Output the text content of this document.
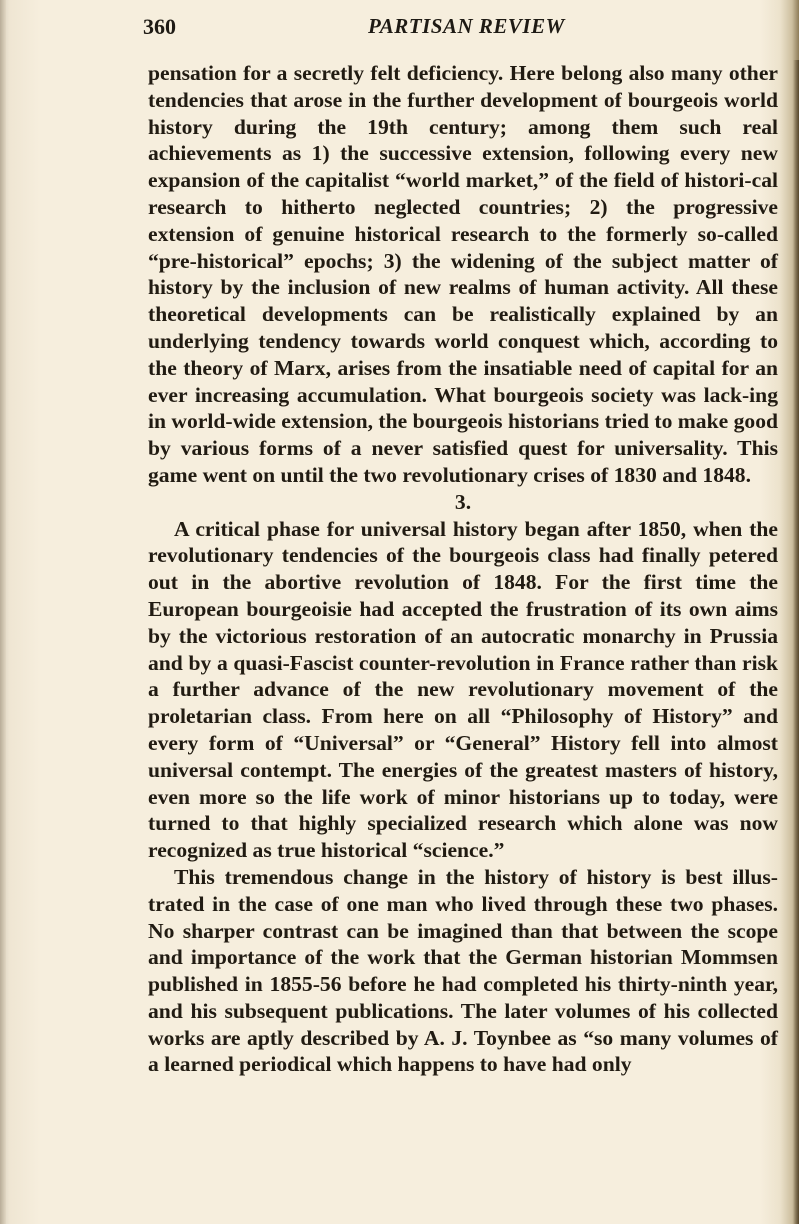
360	PARTISAN REVIEW

pensation for a secretly felt deficiency. Here belong also many other tendencies that arose in the further development of bourgeois world history during the 19th century; among them such real achievements as 1) the successive extension, following every new expansion of the capitalist “world market,” of the field of histori-cal research to hitherto neglected countries; 2) the progressive extension of genuine historical research to the formerly so-called “pre-historical” epochs; 3) the widening of the subject matter of history by the inclusion of new realms of human activity. All these theoretical developments can be realistically explained by an underlying tendency towards world conquest which, according to the theory of Marx, arises from the insatiable need of capital for an ever increasing accumulation. What bourgeois society was lack-ing in world-wide extension, the bourgeois historians tried to make good by various forms of a never satisfied quest for universality. This game went on until the two revolutionary crises of 1830 and 1848.

3.

A critical phase for universal history began after 1850, when the revolutionary tendencies of the bourgeois class had finally petered out in the abortive revolution of 1848. For the first time the European bourgeoisie had accepted the frustration of its own aims by the victorious restoration of an autocratic monarchy in Prussia and by a quasi-Fascist counter-revolution in France rather than risk a further advance of the new revolutionary movement of the proletarian class. From here on all “Philosophy of History” and every form of “Universal” or “General” History fell into almost universal contempt. The energies of the greatest masters of history, even more so the life work of minor historians up to today, were turned to that highly specialized research which alone was now recognized as true historical “science.”

This tremendous change in the history of history is best illus-trated in the case of one man who lived through these two phases. No sharper contrast can be imagined than that between the scope and importance of the work that the German historian Mommsen published in 1855-56 before he had completed his thirty-ninth year, and his subsequent publications. The later volumes of his collected works are aptly described by A. J. Toynbee as “so many volumes of a learned periodical which happens to have had only
